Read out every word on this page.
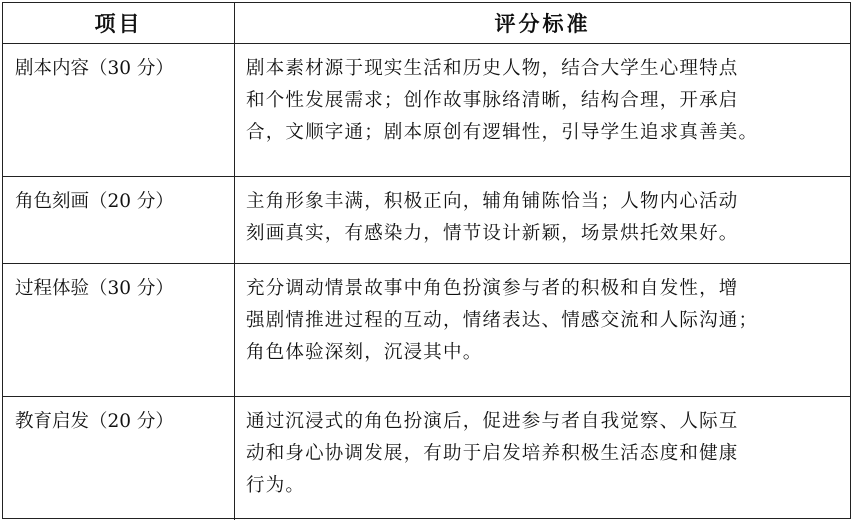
项目	评分标准
剧本内容（30 分）	剧本素材源于现实生活和历史人物，结合大学生心理特点
和个性发展需求；创作故事脉络清晰，结构合理，开承启
合，文顺字通；剧本原创有逻辑性，引导学生追求真善美。
角色刻画（20 分）	主角形象丰满，积极正向，辅角铺陈恰当；人物内心活动
刻画真实，有感染力，情节设计新颖，场景烘托效果好。
过程体验（30 分）	充分调动情景故事中角色扮演参与者的积极和自发性，增
强剧情推进过程的互动，情绪表达、情感交流和人际沟通；
角色体验深刻，沉浸其中。
教育启发（20 分）	通过沉浸式的角色扮演后，促进参与者自我觉察、人际互
动和身心协调发展，有助于启发培养积极生活态度和健康
行为。
